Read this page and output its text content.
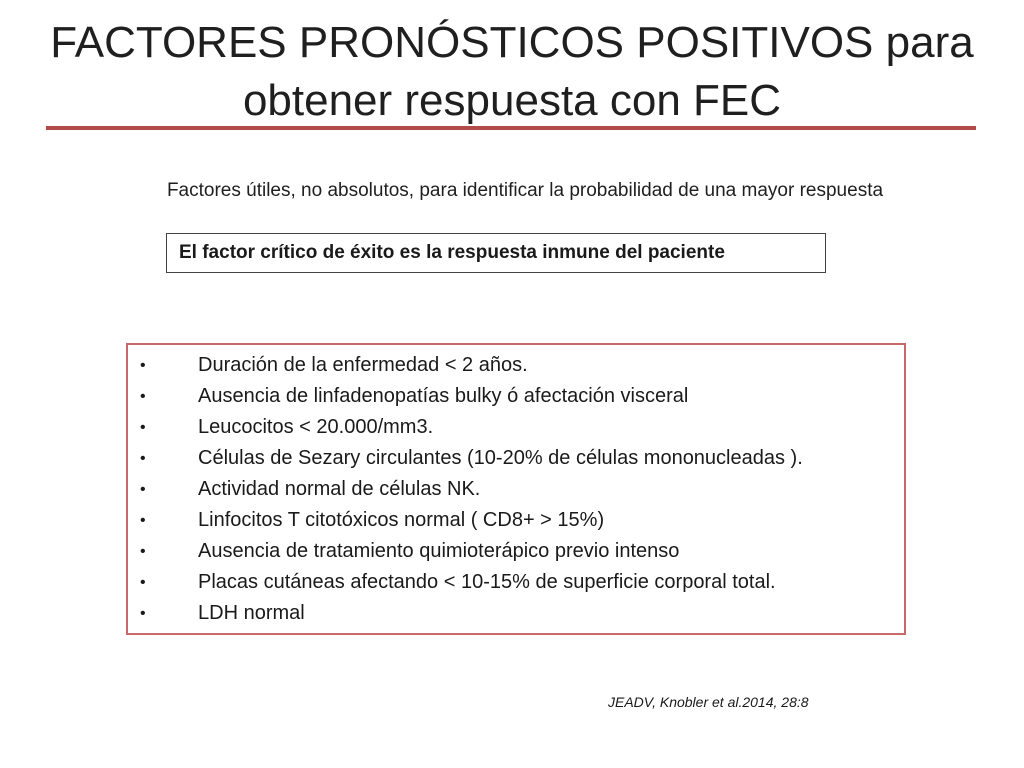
FACTORES PRONÓSTICOS POSITIVOS para obtener respuesta con FEC
Factores útiles, no absolutos, para identificar la probabilidad de una mayor respuesta
El factor crítico de éxito es la respuesta inmune del paciente
•	Duración de la enfermedad < 2 años.
•	Ausencia de linfadenopatías bulky ó afectación visceral
•	Leucocitos < 20.000/mm3.
•	Células de Sezary circulantes (10-20% de células mononucleadas ).
•	Actividad normal de células NK.
•	Linfocitos T citotóxicos normal ( CD8+ > 15%)
•	Ausencia de tratamiento quimioterápico previo intenso
•	Placas cutáneas afectando < 10-15% de superficie corporal total.
•	LDH normal
JEADV, Knobler et al.2014, 28:8
